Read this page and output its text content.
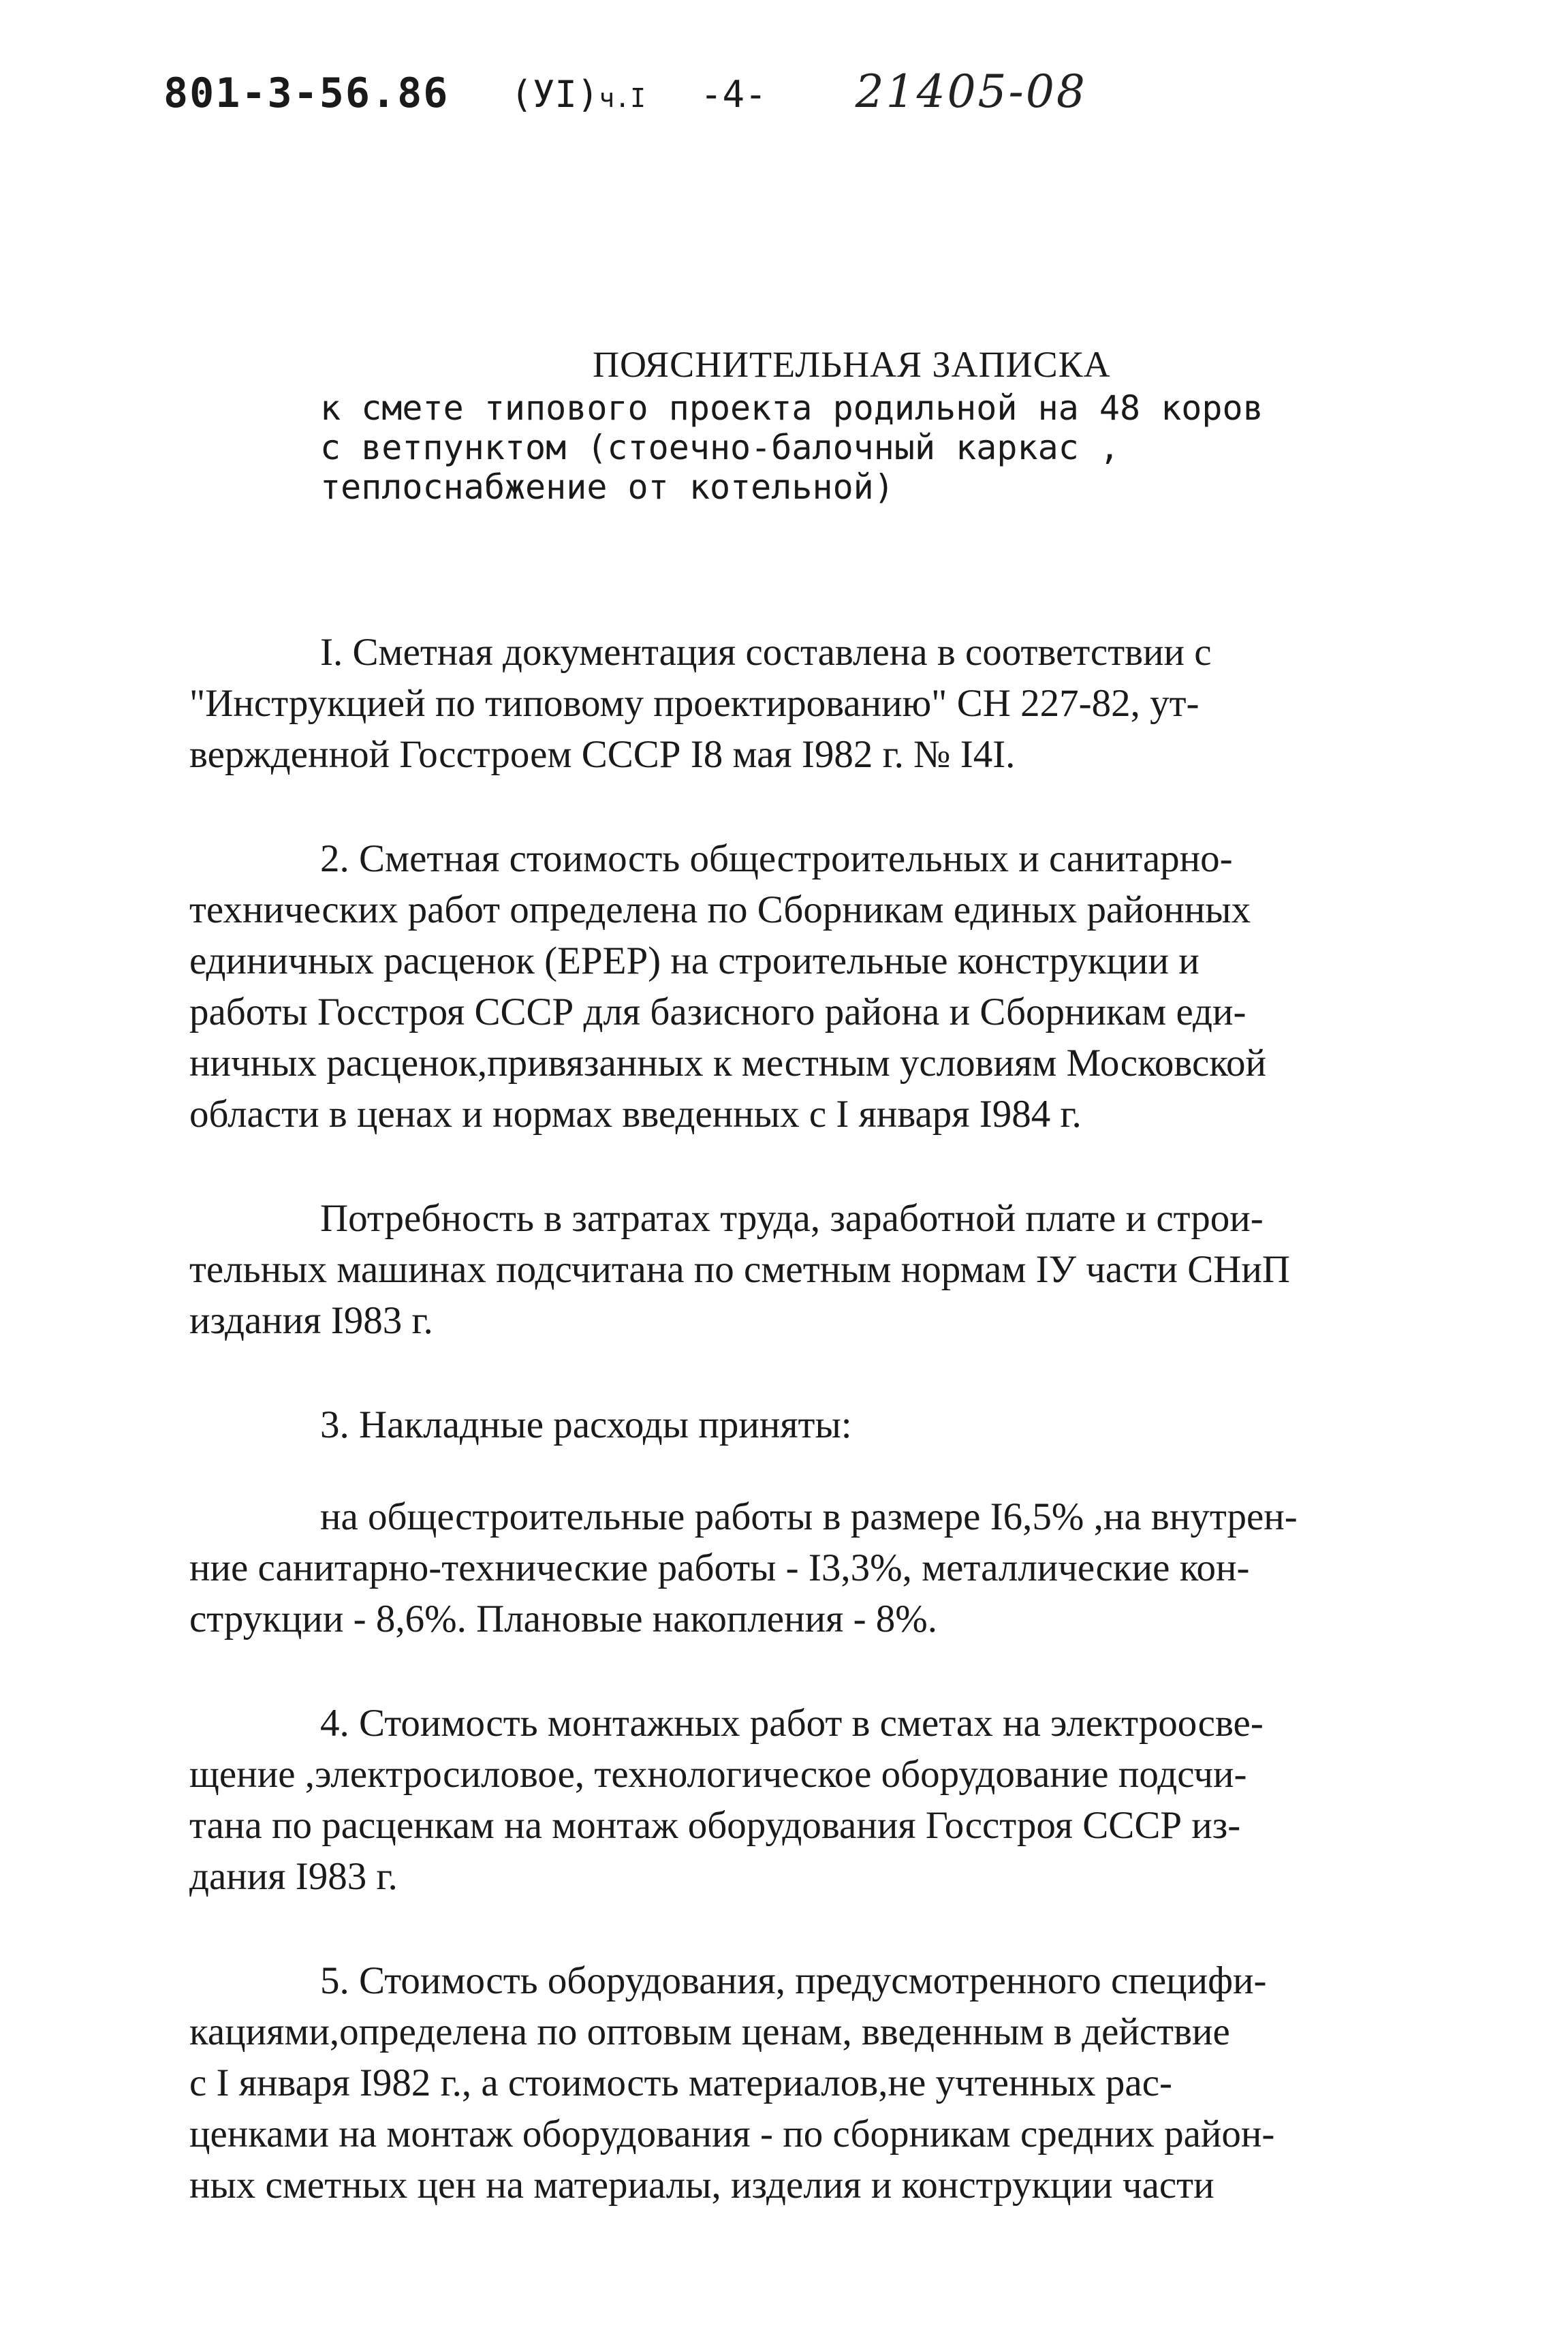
801-3-56.86 (УI)ч.I -4- 21405-08
ПОЯСНИТЕЛЬНАЯ ЗАПИСКА
к смете типового проекта родильной на 48 коров
с ветпунктом (стоечно-балочный каркас ,
теплоснабжение от котельной)
I. Сметная документация составлена в соответствии с
"Инструкцией по типовому проектированию" СН 227-82, ут-
вержденной Госстроем СССР I8 мая I982 г. № I4I.
2. Сметная стоимость общестроительных и санитарно-
технических работ определена по Сборникам единых районных
единичных расценок (ЕРЕР) на строительные конструкции и
работы Госстроя СССР для базисного района и Сборникам еди-
ничных расценок,привязанных к местным условиям Московской
области в ценах и нормах введенных с I января I984 г.
Потребность в затратах труда, заработной плате и строи-
тельных машинах подсчитана по сметным нормам IУ части СНиП
издания I983 г.
3. Накладные расходы приняты:
на общестроительные работы в размере I6,5% ,на внутрен-
ние санитарно-технические работы - I3,3%, металлические кон-
струкции - 8,6%. Плановые накопления - 8%.
4. Стоимость монтажных работ в сметах на электроосве-
щение ,электросиловое, технологическое оборудование подсчи-
тана по расценкам на монтаж оборудования Госстроя СССР из-
дания I983 г.
5. Стоимость оборудования, предусмотренного специфи-
кациями,определена по оптовым ценам, введенным в действие
с I января I982 г., а стоимость материалов,не учтенных рас-
ценками на монтаж оборудования - по сборникам средних район-
ных сметных цен на материалы, изделия и конструкции части
